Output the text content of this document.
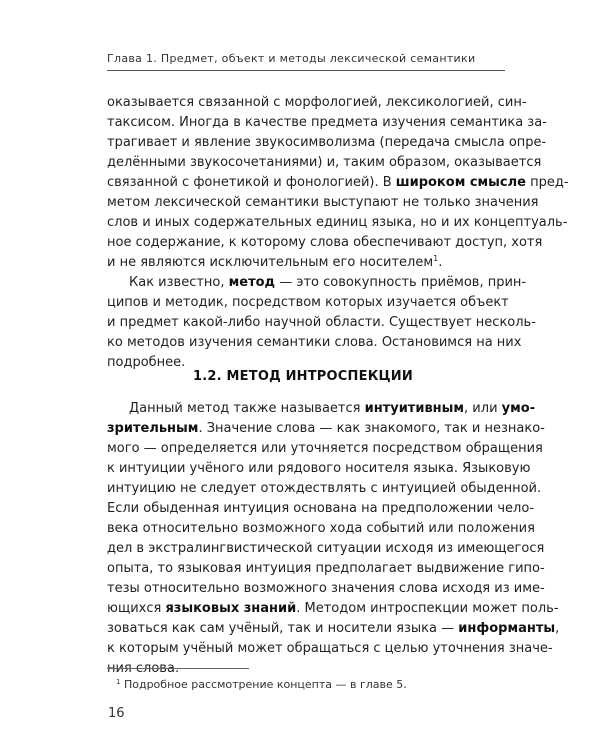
Глава 1. Предмет, объект и методы лексической семантики
оказывается связанной с морфологией, лексикологией, син-
таксисом. Иногда в качестве предмета изучения семантика за-
трагивает и явление звукосимволизма (передача смысла опре-
делёнными звукосочетаниями) и, таким образом, оказывается
связанной с фонетикой и фонологией). В широком смысле пред-
метом лексической семантики выступают не только значения
слов и иных содержательных единиц языка, но и их концептуаль-
ное содержание, к которому слова обеспечивают доступ, хотя
и не являются исключительным его носителем$^1$.
Как известно, метод — это совокупность приёмов, прин-
ципов и методик, посредством которых изучается объект
и предмет какой-либо научной области. Существует несколь-
ко методов изучения семантики слова. Остановимся на них
подробнее.
1.2. МЕТОД ИНТРОСПЕКЦИИ
Данный метод также называется интуитивным, или умо-
зрительным. Значение слова — как знакомого, так и незнако-
мого — определяется или уточняется посредством обращения
к интуиции учёного или рядового носителя языка. Языковую
интуицию не следует отождествлять с интуицией обыденной.
Если обыденная интуиция основана на предположении чело-
века относительно возможного хода событий или положения
дел в экстралингвистической ситуации исходя из имеющегося
опыта, то языковая интуиция предполагает выдвижение гипо-
тезы относительно возможного значения слова исходя из име-
ющихся языковых знаний. Методом интроспекции может поль-
зоваться как сам учёный, так и носители языка — информанты,
к которым учёный может обращаться с целью уточнения значе-
ния слова.
$^1$ Подробное рассмотрение концепта — в главе 5.
16
